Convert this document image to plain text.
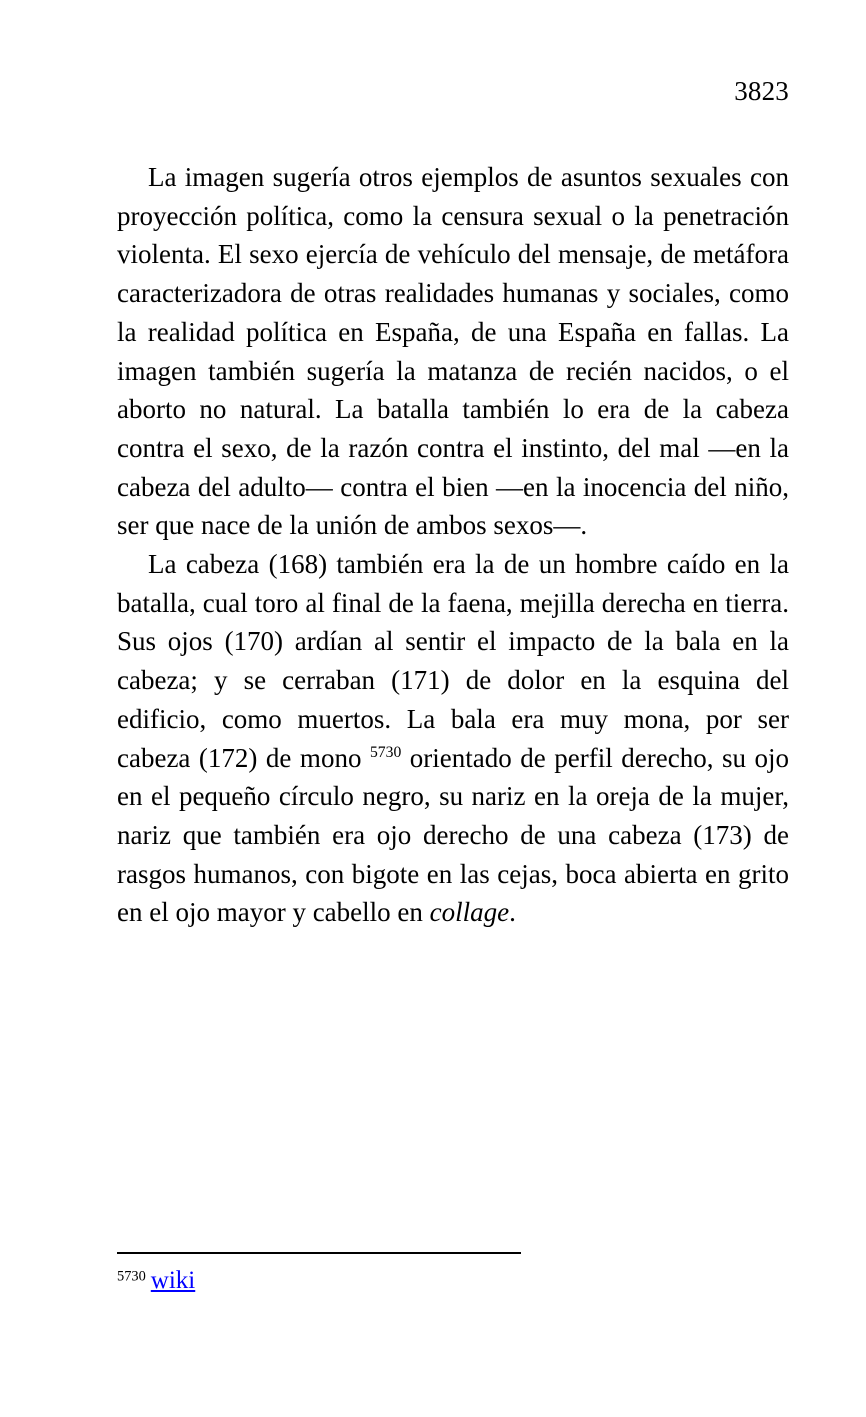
3823

La imagen sugería otros ejemplos de asuntos sexuales con proyección política, como la censura sexual o la penetración violenta. El sexo ejercía de vehículo del mensaje, de metáfora caracterizadora de otras realidades humanas y sociales, como la realidad política en España, de una España en fallas. La imagen también sugería la matanza de recién nacidos, o el aborto no natural. La batalla también lo era de la cabeza contra el sexo, de la razón contra el instinto, del mal —en la cabeza del adulto— contra el bien —en la inocencia del niño, ser que nace de la unión de ambos sexos—.

La cabeza (168) también era la de un hombre caído en la batalla, cual toro al final de la faena, mejilla derecha en tierra. Sus ojos (170) ardían al sentir el impacto de la bala en la cabeza; y se cerraban (171) de dolor en la esquina del edificio, como muertos. La bala era muy mona, por ser cabeza (172) de mono $^{5730}$ orientado de perfil derecho, su ojo en el pequeño círculo negro, su nariz en la oreja de la mujer, nariz que también era ojo derecho de una cabeza (173) de rasgos humanos, con bigote en las cejas, boca abierta en grito en el ojo mayor y cabello en collage.

$^{5730}$ wiki
